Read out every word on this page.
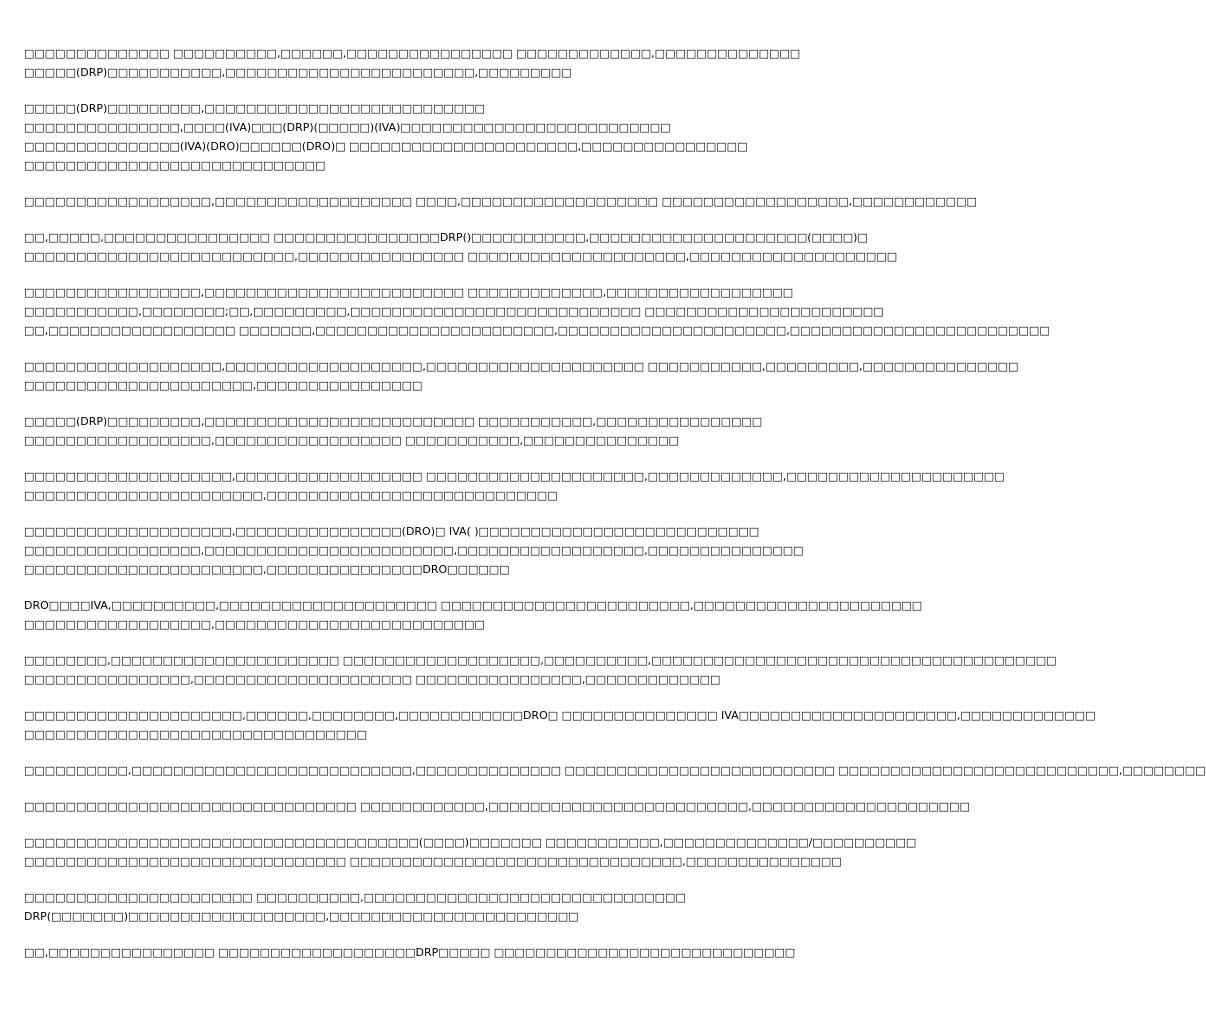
□□□□□□□□□□□□□□ □□□□□□□□□□,□□□□□□,□□□□□□□□□□□□□□□□ □□□□□□□□□□□□□,□□□□□□□□□□□□□□
□□□□□(DRP)□□□□□□□□□□□,□□□□□□□□□□□□□□□□□□□□□□□□,□□□□□□□□□
□□□□□(DRP)□□□□□□□□□,□□□□□□□□□□□□□□□□□□□□□□□□□□□
□□□□□□□□□□□□□□□,□□□□(IVA)□□□(DRP)(□□□□□)(IVA)□□□□□□□□□□□□□□□□□□□□□□□□□□
□□□□□□□□□□□□□□□(IVA)(DRO)□□□□□□(DRO)□ □□□□□□□□□□□□□□□□□□□□□□,□□□□□□□□□□□□□□□□
□□□□□□□□□□□□□□□□□□□□□□□□□□□□□
□□□□□□□□□□□□□□□□□□,□□□□□□□□□□□□□□□□□□□ □□□□,□□□□□□□□□□□□□□□□□□□ □□□□□□□□□□□□□□□□□□,□□□□□□□□□□□□
□□,□□□□□,□□□□□□□□□□□□□□□□ □□□□□□□□□□□□□□□□DRP()□□□□□□□□□□□,□□□□□□□□□□□□□□□□□□□□□(□□□□)□
□□□□□□□□□□□□□□□□□□□□□□□□□□,□□□□□□□□□□□□□□□□ □□□□□□□□□□□□□□□□□□□□□,□□□□□□□□□□□□□□□□□□□□
□□□□□□□□□□□□□□□□□,□□□□□□□□□□□□□□□□□□□□□□□□□ □□□□□□□□□□□□□,□□□□□□□□□□□□□□□□□□
□□□□□□□□□□□,□□□□□□□□;□□,□□□□□□□□□,□□□□□□□□□□□□□□□□□□□□□□□□□□□□ □□□□□□□□□□□□□□□□□□□□□□□
□□,□□□□□□□□□□□□□□□□□□ □□□□□□□,□□□□□□□□□□□□□□□□□□□□□□□,□□□□□□□□□□□□□□□□□□□□□□,□□□□□□□□□□□□□□□□□□□□□□□□□
□□□□□□□□□□□□□□□□□□□,□□□□□□□□□□□□□□□□□□□,□□□□□□□□□□□□□□□□□□□□□ □□□□□□□□□□□,□□□□□□□□□,□□□□□□□□□□□□□□□
□□□□□□□□□□□□□□□□□□□□□□,□□□□□□□□□□□□□□□□
□□□□□(DRP)□□□□□□□□□,□□□□□□□□□□□□□□□□□□□□□□□□□□ □□□□□□□□□□□,□□□□□□□□□□□□□□□□
□□□□□□□□□□□□□□□□□□,□□□□□□□□□□□□□□□□□□ □□□□□□□□□□□,□□□□□□□□□□□□□□□
□□□□□□□□□□□□□□□□□□□□,□□□□□□□□□□□□□□□□□□ □□□□□□□□□□□□□□□□□□□□□,□□□□□□□□□□□□□,□□□□□□□□□□□□□□□□□□□□□
□□□□□□□□□□□□□□□□□□□□□□□,□□□□□□□□□□□□□□□□□□□□□□□□□□□□
□□□□□□□□□□□□□□□□□□□□,□□□□□□□□□□□□□□□□(DRO)□ IVA( )□□□□□□□□□□□□□□□□□□□□□□□□□□□
□□□□□□□□□□□□□□□□□,□□□□□□□□□□□□□□□□□□□□□□□□,□□□□□□□□□□□□□□□□□□,□□□□□□□□□□□□□□□
□□□□□□□□□□□□□□□□□□□□□□□,□□□□□□□□□□□□□□□DRO□□□□□□
DRO□□□□IVA,□□□□□□□□□□,□□□□□□□□□□□□□□□□□□□□□ □□□□□□□□□□□□□□□□□□□□□□□□,□□□□□□□□□□□□□□□□□□□□□□
□□□□□□□□□□□□□□□□□□,□□□□□□□□□□□□□□□□□□□□□□□□□□
□□□□□□□□,□□□□□□□□□□□□□□□□□□□□□□ □□□□□□□□□□□□□□□□□□□,□□□□□□□□□□,□□□□□□□□□□□□□□□□□□□□□□□□□□□□□□□□□□□□□□□
□□□□□□□□□□□□□□□□,□□□□□□□□□□□□□□□□□□□□□ □□□□□□□□□□□□□□□□,□□□□□□□□□□□□□
□□□□□□□□□□□□□□□□□□□□□,□□□□□□,□□□□□□□□,□□□□□□□□□□□□DRO□ □□□□□□□□□□□□□□□ IVA□□□□□□□□□□□□□□□□□□□□□,□□□□□□□□□□□□□
□□□□□□□□□□□□□□□□□□□□□□□□□□□□□□□□□
□□□□□□□□□□,□□□□□□□□□□□□□□□□□□□□□□□□□□□,□□□□□□□□□□□□□□ □□□□□□□□□□□□□□□□□□□□□□□□□□ □□□□□□□□□□□□□□□□□□□□□□□□□□□,□□□□□□□□
□□□□□□□□□□□□□□□□□□□□□□□□□□□□□□□□ □□□□□□□□□□□□,□□□□□□□□□□□□□□□□□□□□□□□□□,□□□□□□□□□□□□□□□□□□□□□
□□□□□□□□□□□□□□□□□□□□□□□□□□□□□□□□□□□□□□(□□□□)□□□□□□□ □□□□□□□□□□□,□□□□□□□□□□□□□□/□□□□□□□□□□
□□□□□□□□□□□□□□□□□□□□□□□□□□□□□□□ □□□□□□□□□□□□□□□□□□□□□□□□□□□□□□□□,□□□□□□□□□□□□□□□
□□□□□□□□□□□□□□□□□□□□□□ □□□□□□□□□□,□□□□□□□□□□□□□□□□□□□□□□□□□□□□□□□
DRP(□□□□□□□)□□□□□□□□□□□□□□□□□□□,□□□□□□□□□□□□□□□□□□□□□□□□
□□,□□□□□□□□□□□□□□□□ □□□□□□□□□□□□□□□□□□□DRP□□□□□ □□□□□□□□□□□□□□□□□□□□□□□□□□□□□
